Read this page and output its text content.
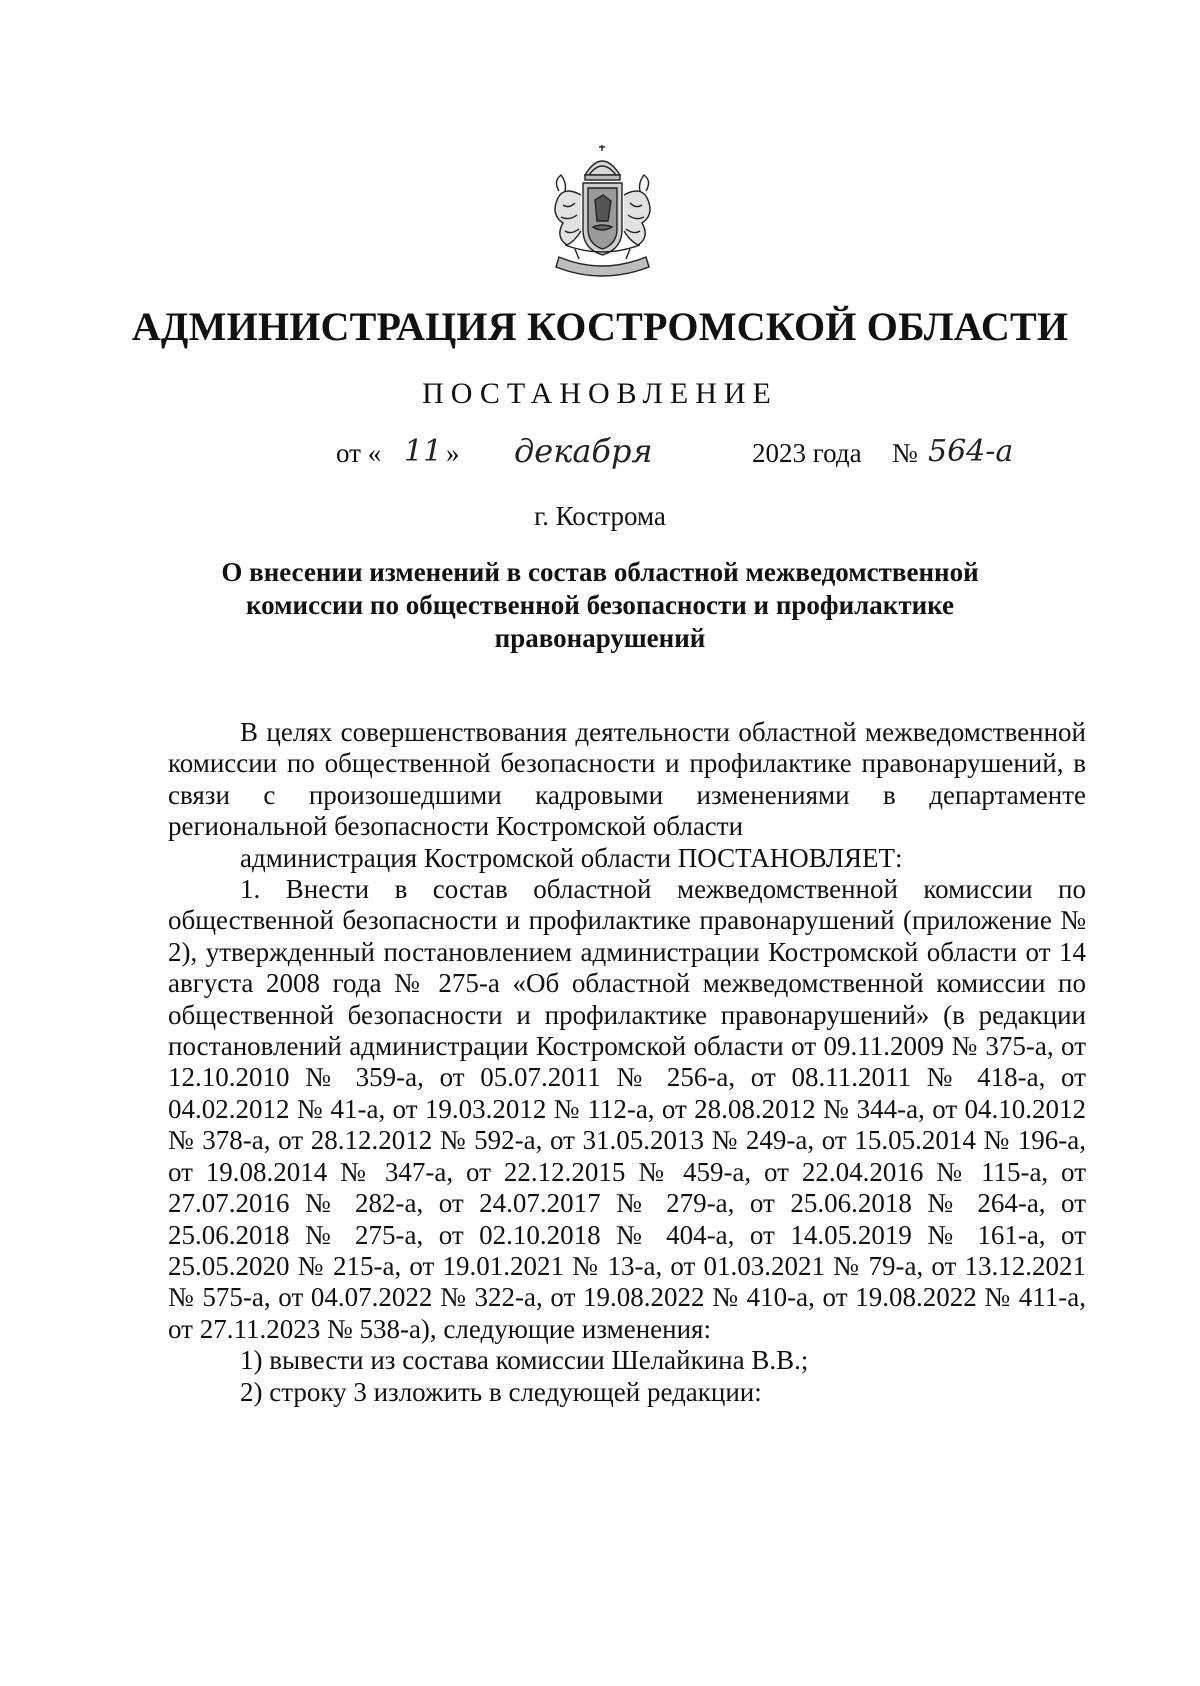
АДМИНИСТРАЦИЯ КОСТРОМСКОЙ ОБЛАСТИ
ПОСТАНОВЛЕНИЕ
от « 11 » декабря	2023 года № 564-а
г. Кострома
О внесении изменений в состав областной межведомственной
комиссии по общественной безопасности и профилактике
правонарушений

В целях совершенствования деятельности областной межведомственной комиссии по общественной безопасности и профилактике правонарушений, в связи с произошедшими кадровыми изменениями в департаменте региональной безопасности Костромской области

администрация Костромской области ПОСТАНОВЛЯЕТ:

1. Внести в состав областной межведомственной комиссии по общественной безопасности и профилактике правонарушений (приложение № 2), утвержденный постановлением администрации Костромской области от 14 августа 2008 года № 275-а «Об областной межведомственной комиссии по общественной безопасности и профилактике правонарушений» (в редакции постановлений администрации Костромской области от 09.11.2009 № 375-а, от 12.10.2010 № 359-а, от 05.07.2011 № 256-а, от 08.11.2011 № 418-а, от 04.02.2012 № 41-а, от 19.03.2012 № 112-а, от 28.08.2012 № 344-а, от 04.10.2012 № 378-а, от 28.12.2012 № 592-а, от 31.05.2013 № 249-а, от 15.05.2014 № 196-а, от 19.08.2014 № 347-а, от 22.12.2015 № 459-а, от 22.04.2016 № 115-а, от 27.07.2016 № 282-а, от 24.07.2017 № 279-а, от 25.06.2018 № 264-а, от 25.06.2018 № 275-а, от 02.10.2018 № 404-а, от 14.05.2019 № 161-а, от 25.05.2020 № 215-а, от 19.01.2021 № 13-а, от 01.03.2021 № 79-а, от 13.12.2021 № 575-а, от 04.07.2022 № 322-а, от 19.08.2022 № 410-а, от 19.08.2022 № 411-а, от 27.11.2023 № 538-а), следующие изменения:

1) вывести из состава комиссии Шелайкина В.В.;

2) строку 3 изложить в следующей редакции:
